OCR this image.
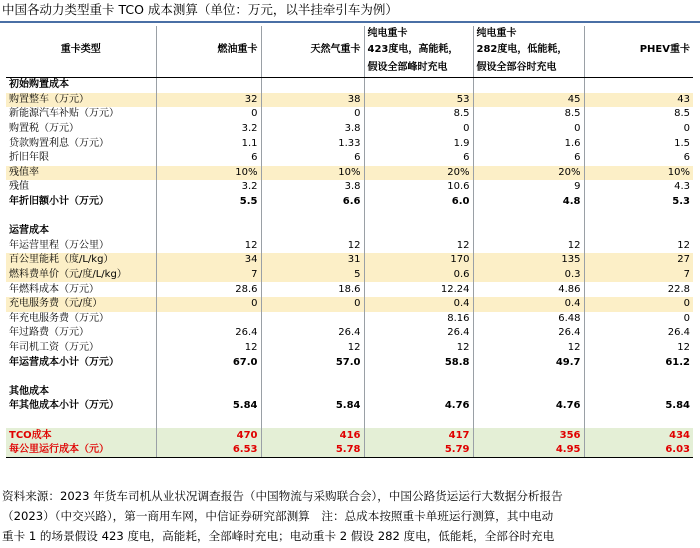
中国各动力类型重卡 TCO 成本测算（单位：万元，以半挂牵引车为例）
			纯电重卡	纯电重卡	
重卡类型	燃油重卡	天然气重卡	423度电，高能耗，	282度电，低能耗，	PHEV重卡
			假设全部峰时充电	假设全部谷时充电	
初始购置成本					
购置整车（万元）	32	38	53	45	43
新能源汽车补贴（万元）	0	0	8.5	8.5	8.5
购置税（万元）	3.2	3.8	0	0	0
贷款购置利息（万元）	1.1	1.33	1.9	1.6	1.5
折旧年限	6	6	6	6	6
残值率	10%	10%	20%	20%	10%
残值	3.2	3.8	10.6	9	4.3
年折旧额小计（万元）	5.5	6.6	6.0	4.8	5.3

运营成本					
年运营里程（万公里）	12	12	12	12	12
百公里能耗（度/L/kg）	34	31	170	135	27
燃料费单价（元/度/L/kg）	7	5	0.6	0.3	7
年燃料成本（万元）	28.6	18.6	12.24	4.86	22.8
充电服务费（元/度）	0	0	0.4	0.4	0
年充电服务费（万元）			8.16	6.48	0
年过路费（万元）	26.4	26.4	26.4	26.4	26.4
年司机工资（万元）	12	12	12	12	12
年运营成本小计（万元）	67.0	57.0	58.8	49.7	61.2

其他成本					
年其他成本小计（万元）	5.84	5.84	4.76	4.76	5.84

TCO成本	470	416	417	356	434
每公里运行成本（元）	6.53	5.78	5.79	4.95	6.03
资料来源：2023 年货车司机从业状况调查报告（中国物流与采购联合会），中国公路货运运行大数据分析报告
（2023）（中交兴路），第一商用车网，中信证券研究部测算　注：总成本按照重卡单班运行测算，其中电动
重卡 1 的场景假设 423 度电，高能耗，全部峰时充电；电动重卡 2 假设 282 度电，低能耗，全部谷时充电
